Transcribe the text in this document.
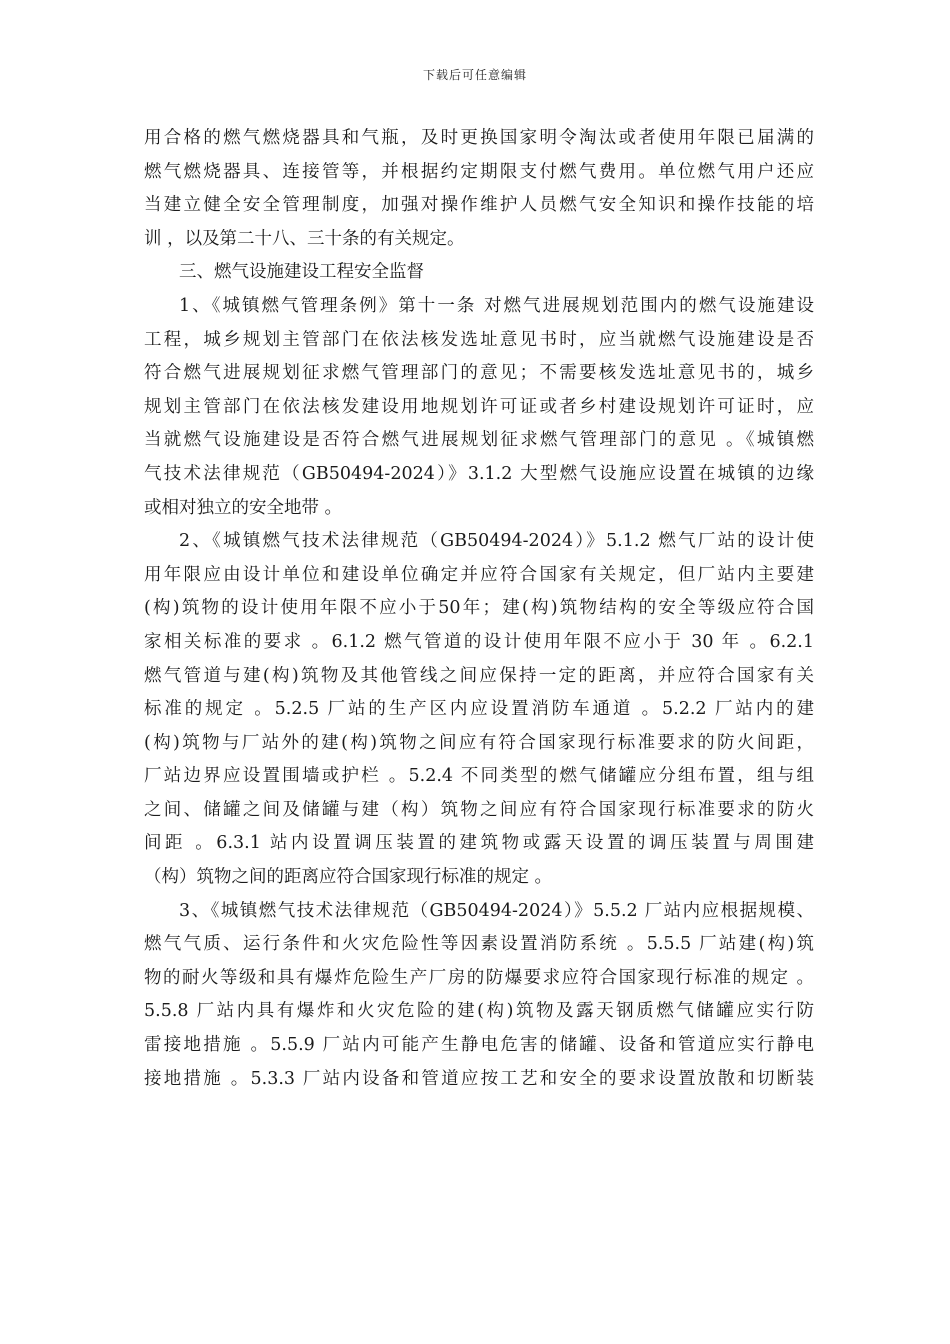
下载后可任意编辑
用合格的燃气燃烧器具和气瓶，及时更换国家明令淘汰或者使用年限已届满的
燃气燃烧器具、连接管等，并根据约定期限支付燃气费用。单位燃气用户还应
当建立健全安全管理制度，加强对操作维护人员燃气安全知识和操作技能的培
训 ，以及第二十八、三十条的有关规定。
三、燃气设施建设工程安全监督
1、《城镇燃气管理条例》第十一条 对燃气进展规划范围内的燃气设施建设
工程，城乡规划主管部门在依法核发选址意见书时，应当就燃气设施建设是否
符合燃气进展规划征求燃气管理部门的意见；不需要核发选址意见书的，城乡
规划主管部门在依法核发建设用地规划许可证或者乡村建设规划许可证时，应
当就燃气设施建设是否符合燃气进展规划征求燃气管理部门的意见 。《城镇燃
气技术法律规范（GB50494-2024）》3.1.2 大型燃气设施应设置在城镇的边缘
或相对独立的安全地带 。
2、《城镇燃气技术法律规范（GB50494-2024）》5.1.2 燃气厂站的设计使
用年限应由设计单位和建设单位确定并应符合国家有关规定，但厂站内主要建
(构)筑物的设计使用年限不应小于50年；建(构)筑物结构的安全等级应符合国
家相关标准的要求 。6.1.2 燃气管道的设计使用年限不应小于 30 年 。6.2.1
燃气管道与建(构)筑物及其他管线之间应保持一定的距离，并应符合国家有关
标准的规定 。5.2.5 厂站的生产区内应设置消防车通道 。5.2.2 厂站内的建
(构)筑物与厂站外的建(构)筑物之间应有符合国家现行标准要求的防火间距，
厂站边界应设置围墙或护栏 。5.2.4 不同类型的燃气储罐应分组布置，组与组
之间、储罐之间及储罐与建（构）筑物之间应有符合国家现行标准要求的防火
间距 。6.3.1 站内设置调压装置的建筑物或露天设置的调压装置与周围建
（构）筑物之间的距离应符合国家现行标准的规定 。
3、《城镇燃气技术法律规范（GB50494-2024）》5.5.2 厂站内应根据规模、
燃气气质、运行条件和火灾危险性等因素设置消防系统 。5.5.5 厂站建(构)筑
物的耐火等级和具有爆炸危险生产厂房的防爆要求应符合国家现行标准的规定 。
5.5.8 厂站内具有爆炸和火灾危险的建(构)筑物及露天钢质燃气储罐应实行防
雷接地措施 。5.5.9 厂站内可能产生静电危害的储罐、设备和管道应实行静电
接地措施 。5.3.3 厂站内设备和管道应按工艺和安全的要求设置放散和切断装
